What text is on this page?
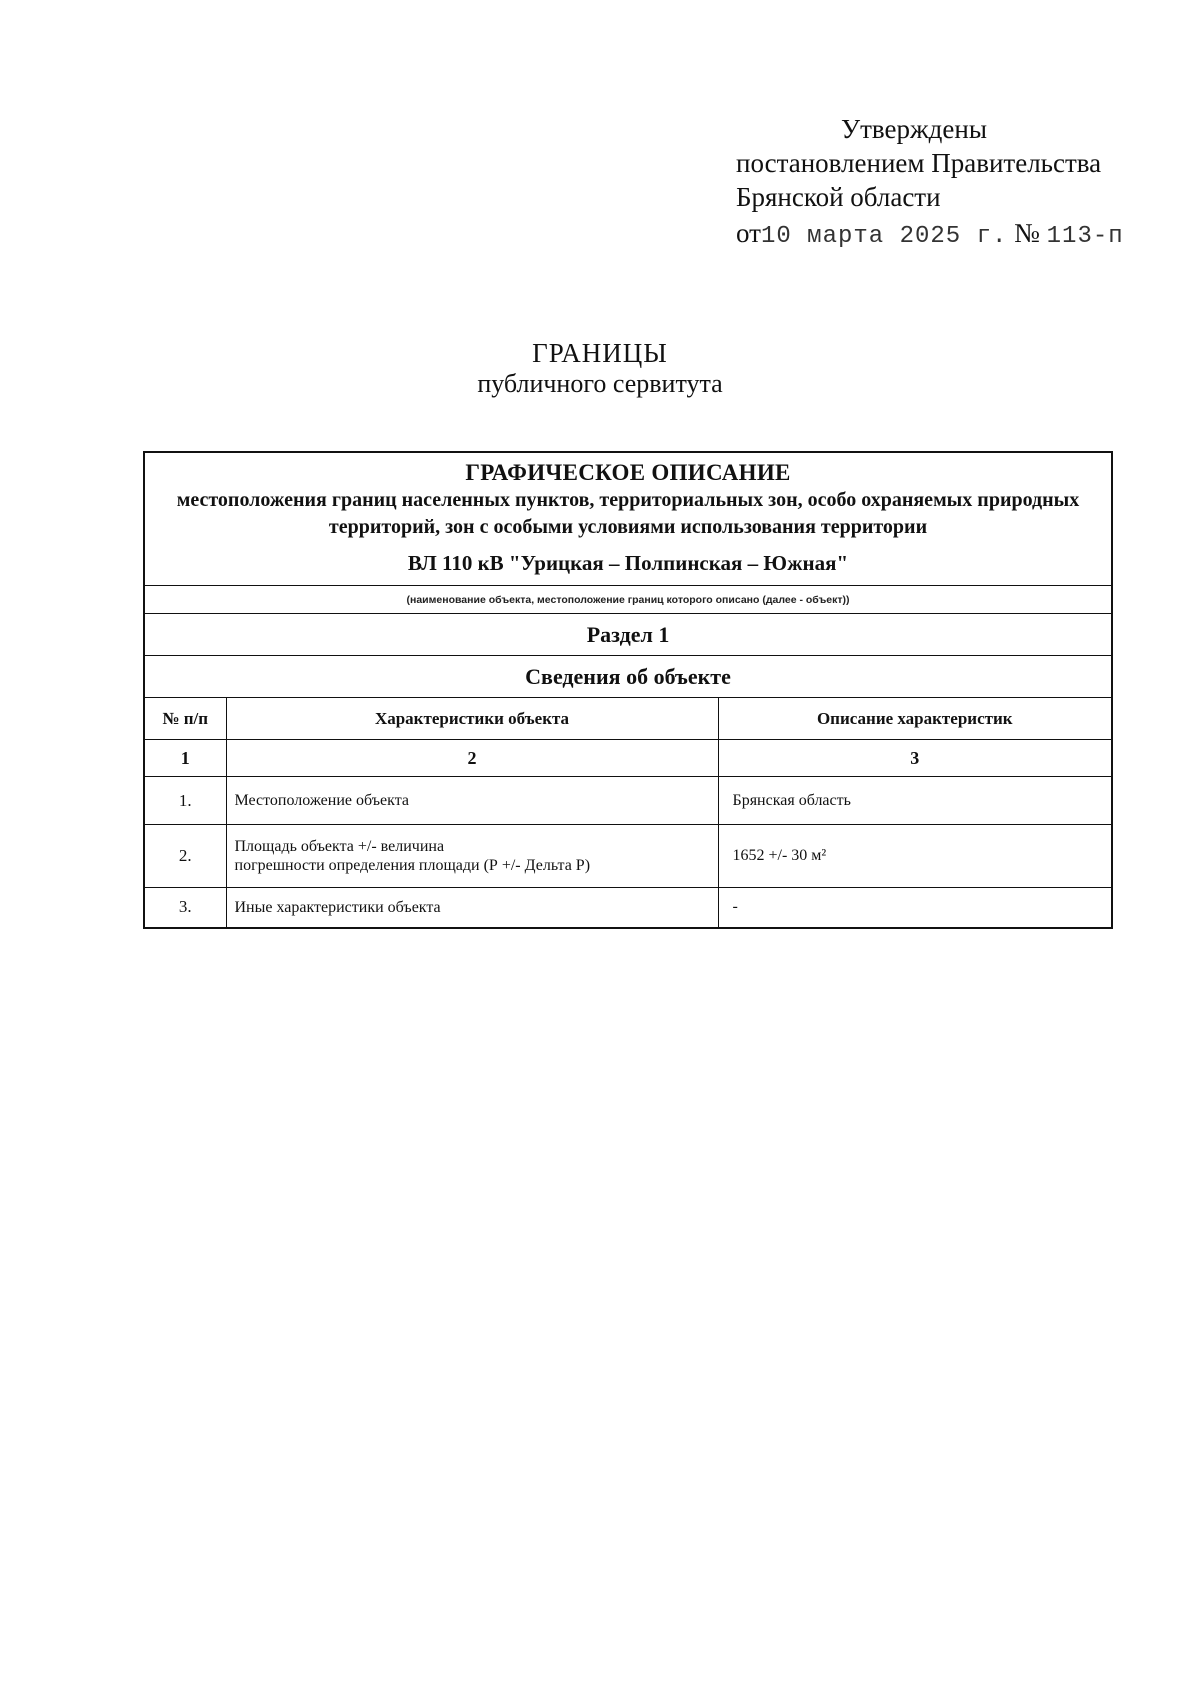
Утверждены
постановлением Правительства
Брянской области
от10 марта 2025 г. № 113-п
ГРАНИЦЫ
публичного сервитута
ГРАФИЧЕСКОЕ ОПИСАНИЕ
местоположения границ населенных пунктов, территориальных зон, особо охраняемых природных территорий, зон с особыми условиями использования территории
ВЛ 110 кВ "Урицкая – Полпинская – Южная"		

(наименование объекта, местоположение границ которого описано (далее - объект))		
Раздел 1		
Сведения об объекте		
№ п/п	Характеристики объекта	Описание характеристик
1	2	3
1.	Местоположение объекта	Брянская область
2.	Площадь объекта +/- величина
погрешности определения площади (Р +/- Дельта Р)	1652 +/- 30 м²
3.	Иные характеристики объекта	-
